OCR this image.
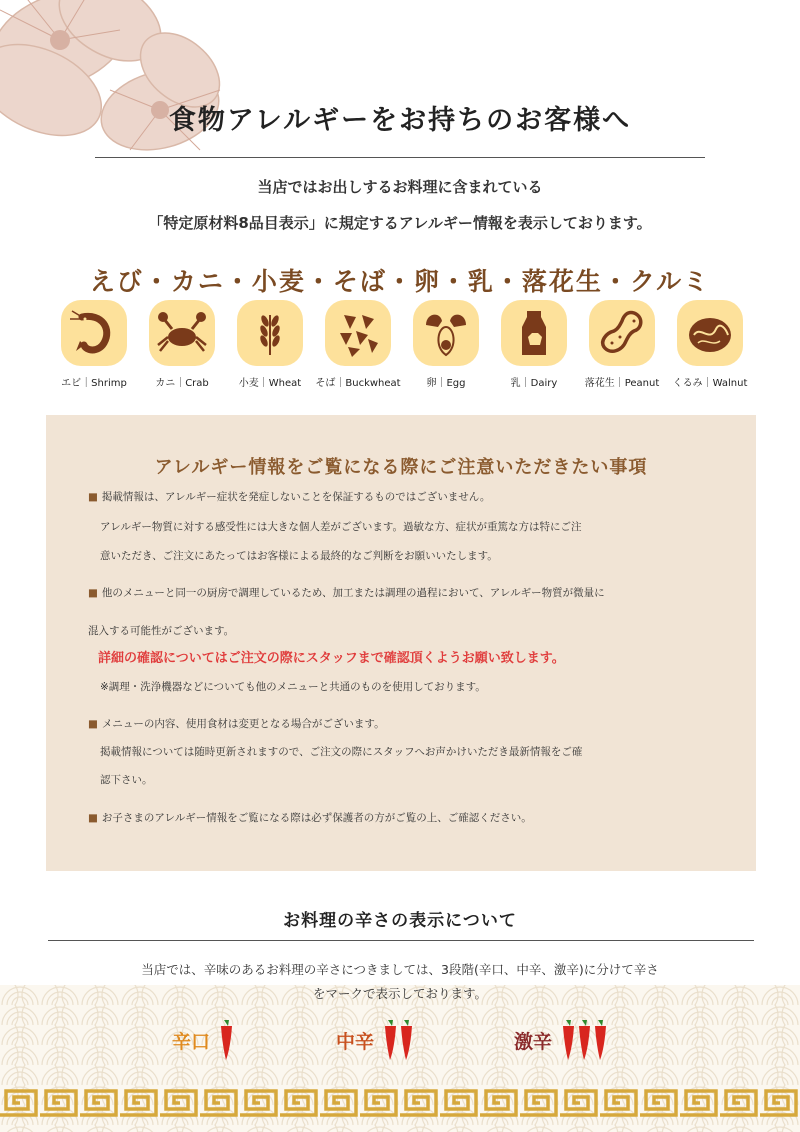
食物アレルギーをお持ちのお客様へ
当店ではお出しするお料理に含まれている
「特定原材料8品目表示」に規定するアレルギー情報を表示しております。
えび・カニ・小麦・そば・卵・乳・落花生・クルミ
エビ｜Shrimp	カニ｜Crab	小麦｜Wheat	そば｜Buckwheat	卵｜Egg	乳｜Dairy	落花生｜Peanut	くるみ｜Walnut
アレルギー情報をご覧になる際にご注意いただきたい事項
■ 掲載情報は、アレルギー症状を発症しないことを保証するものではございません。
アレルギー物質に対する感受性には大きな個人差がございます。過敏な方、症状が重篤な方は特にご注
意いただき、ご注文にあたってはお客様による最終的なご判断をお願いいたします。
■ 他のメニューと同一の厨房で調理しているため、加工または調理の過程において、アレルギー物質が微量に
混入する可能性がございます。
詳細の確認についてはご注文の際にスタッフまで確認頂くようお願い致します。
※調理・洗浄機器などについても他のメニューと共通のものを使用しております。
■ メニューの内容、使用食材は変更となる場合がございます。
掲載情報については随時更新されますので、ご注文の際にスタッフへお声かけいただき最新情報をご確
認下さい。
■ お子さまのアレルギー情報をご覧になる際は必ず保護者の方がご覧の上、ご確認ください。
お料理の辛さの表示について
当店では、辛味のあるお料理の辛さにつきましては、3段階(辛口、中辛、激辛)に分けて辛さ
をマークで表示しております。
辛口	中辛	激辛
